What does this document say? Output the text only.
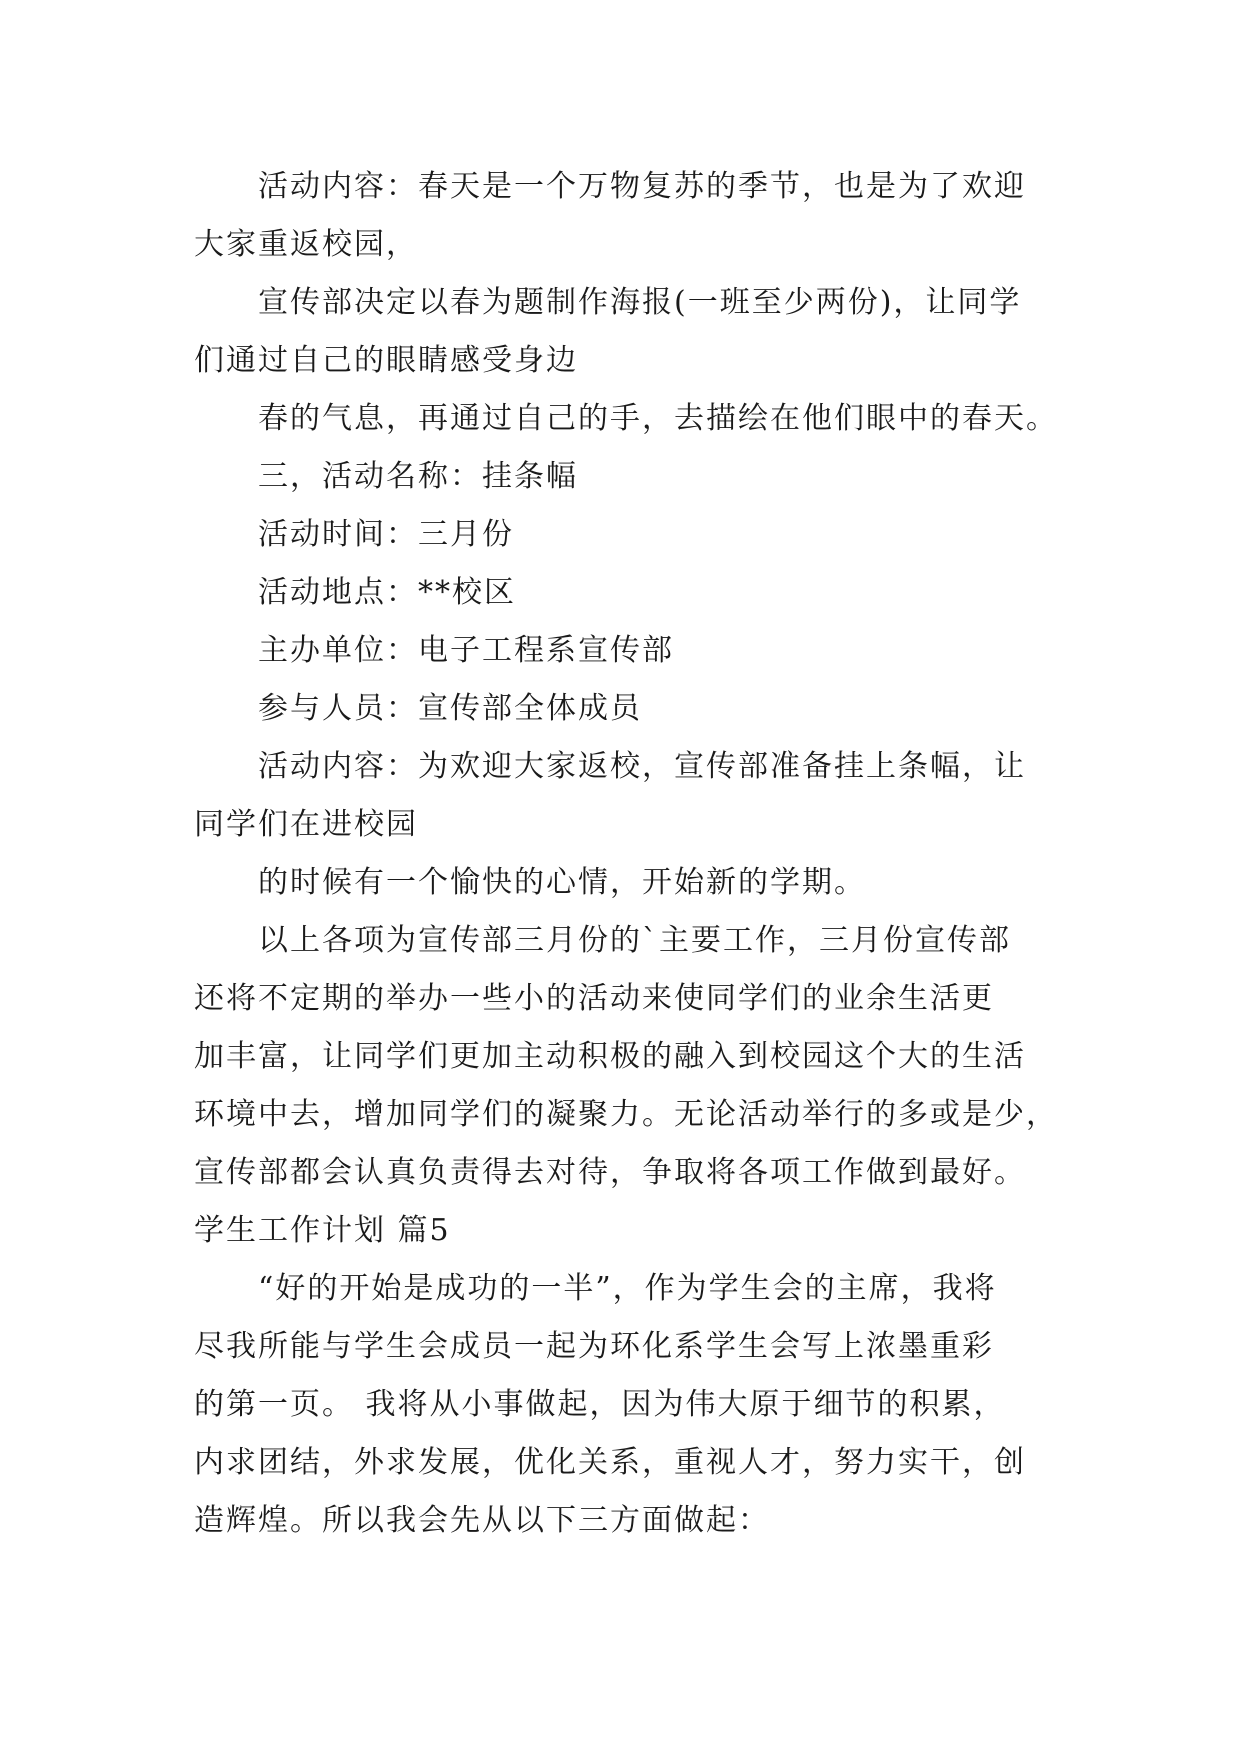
活动内容：春天是一个万物复苏的季节，也是为了欢迎
大家重返校园，
宣传部决定以春为题制作海报(一班至少两份)，让同学
们通过自己的眼睛感受身边
春的气息，再通过自己的手，去描绘在他们眼中的春天。
三，活动名称：挂条幅
活动时间：三月份
活动地点：**校区
主办单位：电子工程系宣传部
参与人员：宣传部全体成员
活动内容：为欢迎大家返校，宣传部准备挂上条幅，让
同学们在进校园
的时候有一个愉快的心情，开始新的学期。
以上各项为宣传部三月份的`主要工作，三月份宣传部
还将不定期的举办一些小的活动来使同学们的业余生活更
加丰富，让同学们更加主动积极的融入到校园这个大的生活
环境中去，增加同学们的凝聚力。无论活动举行的多或是少，
宣传部都会认真负责得去对待，争取将各项工作做到最好。
学生工作计划 篇5
“好的开始是成功的一半”，作为学生会的主席，我将
尽我所能与学生会成员一起为环化系学生会写上浓墨重彩
的第一页。 我将从小事做起，因为伟大原于细节的积累，
内求团结，外求发展，优化关系，重视人才，努力实干，创
造辉煌。所以我会先从以下三方面做起：
